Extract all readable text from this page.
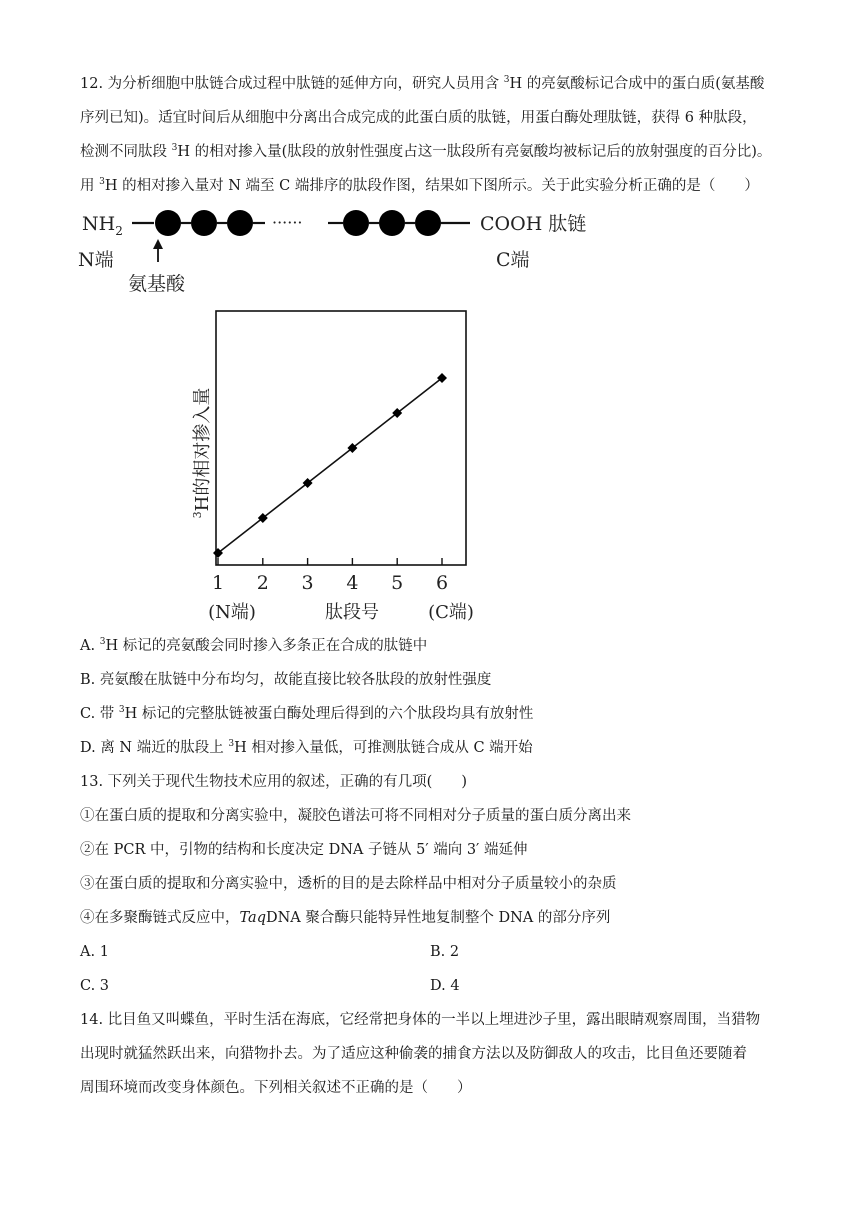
12. 为分析细胞中肽链合成过程中肽链的延伸方向，研究人员用含 $^3$H 的亮氨酸标记合成中的蛋白质(氨基酸
序列已知)。适宜时间后从细胞中分离出合成完成的此蛋白质的肽链，用蛋白酶处理肽链，获得 6 种肽段，
检测不同肽段 $^3$H 的相对掺入量(肽段的放射性强度占这一肽段所有亮氨酸均被标记后的放射强度的百分比)。
用 $^3$H 的相对掺入量对 N 端至 C 端排序的肽段作图，结果如下图所示。关于此实验分析正确的是（　　）
$NH_2$	······	COOH 肽链
N端	C端
氨基酸
$^3$H的相对掺入量
1 2 3 4 5 6
(N端)	肽段号	(C端)
A. $^3$H 标记的亮氨酸会同时掺入多条正在合成的肽链中
B. 亮氨酸在肽链中分布均匀，故能直接比较各肽段的放射性强度
C. 带 $^3$H 标记的完整肽链被蛋白酶处理后得到的六个肽段均具有放射性
D. 离 N 端近的肽段上 $^3$H 相对掺入量低，可推测肽链合成从 C 端开始
13. 下列关于现代生物技术应用的叙述，正确的有几项(　　)
①在蛋白质的提取和分离实验中，凝胶色谱法可将不同相对分子质量的蛋白质分离出来
②在 PCR 中，引物的结构和长度决定 DNA 子链从 5′ 端向 3′ 端延伸
③在蛋白质的提取和分离实验中，透析的目的是去除样品中相对分子质量较小的杂质
④在多聚酶链式反应中，TaqDNA 聚合酶只能特异性地复制整个 DNA 的部分序列
A. 1	B. 2
C. 3	D. 4
14. 比目鱼又叫蝶鱼，平时生活在海底，它经常把身体的一半以上埋进沙子里，露出眼睛观察周围，当猎物
出现时就猛然跃出来，向猎物扑去。为了适应这种偷袭的捕食方法以及防御敌人的攻击，比目鱼还要随着
周围环境而改变身体颜色。下列相关叙述不正确的是（　　）
